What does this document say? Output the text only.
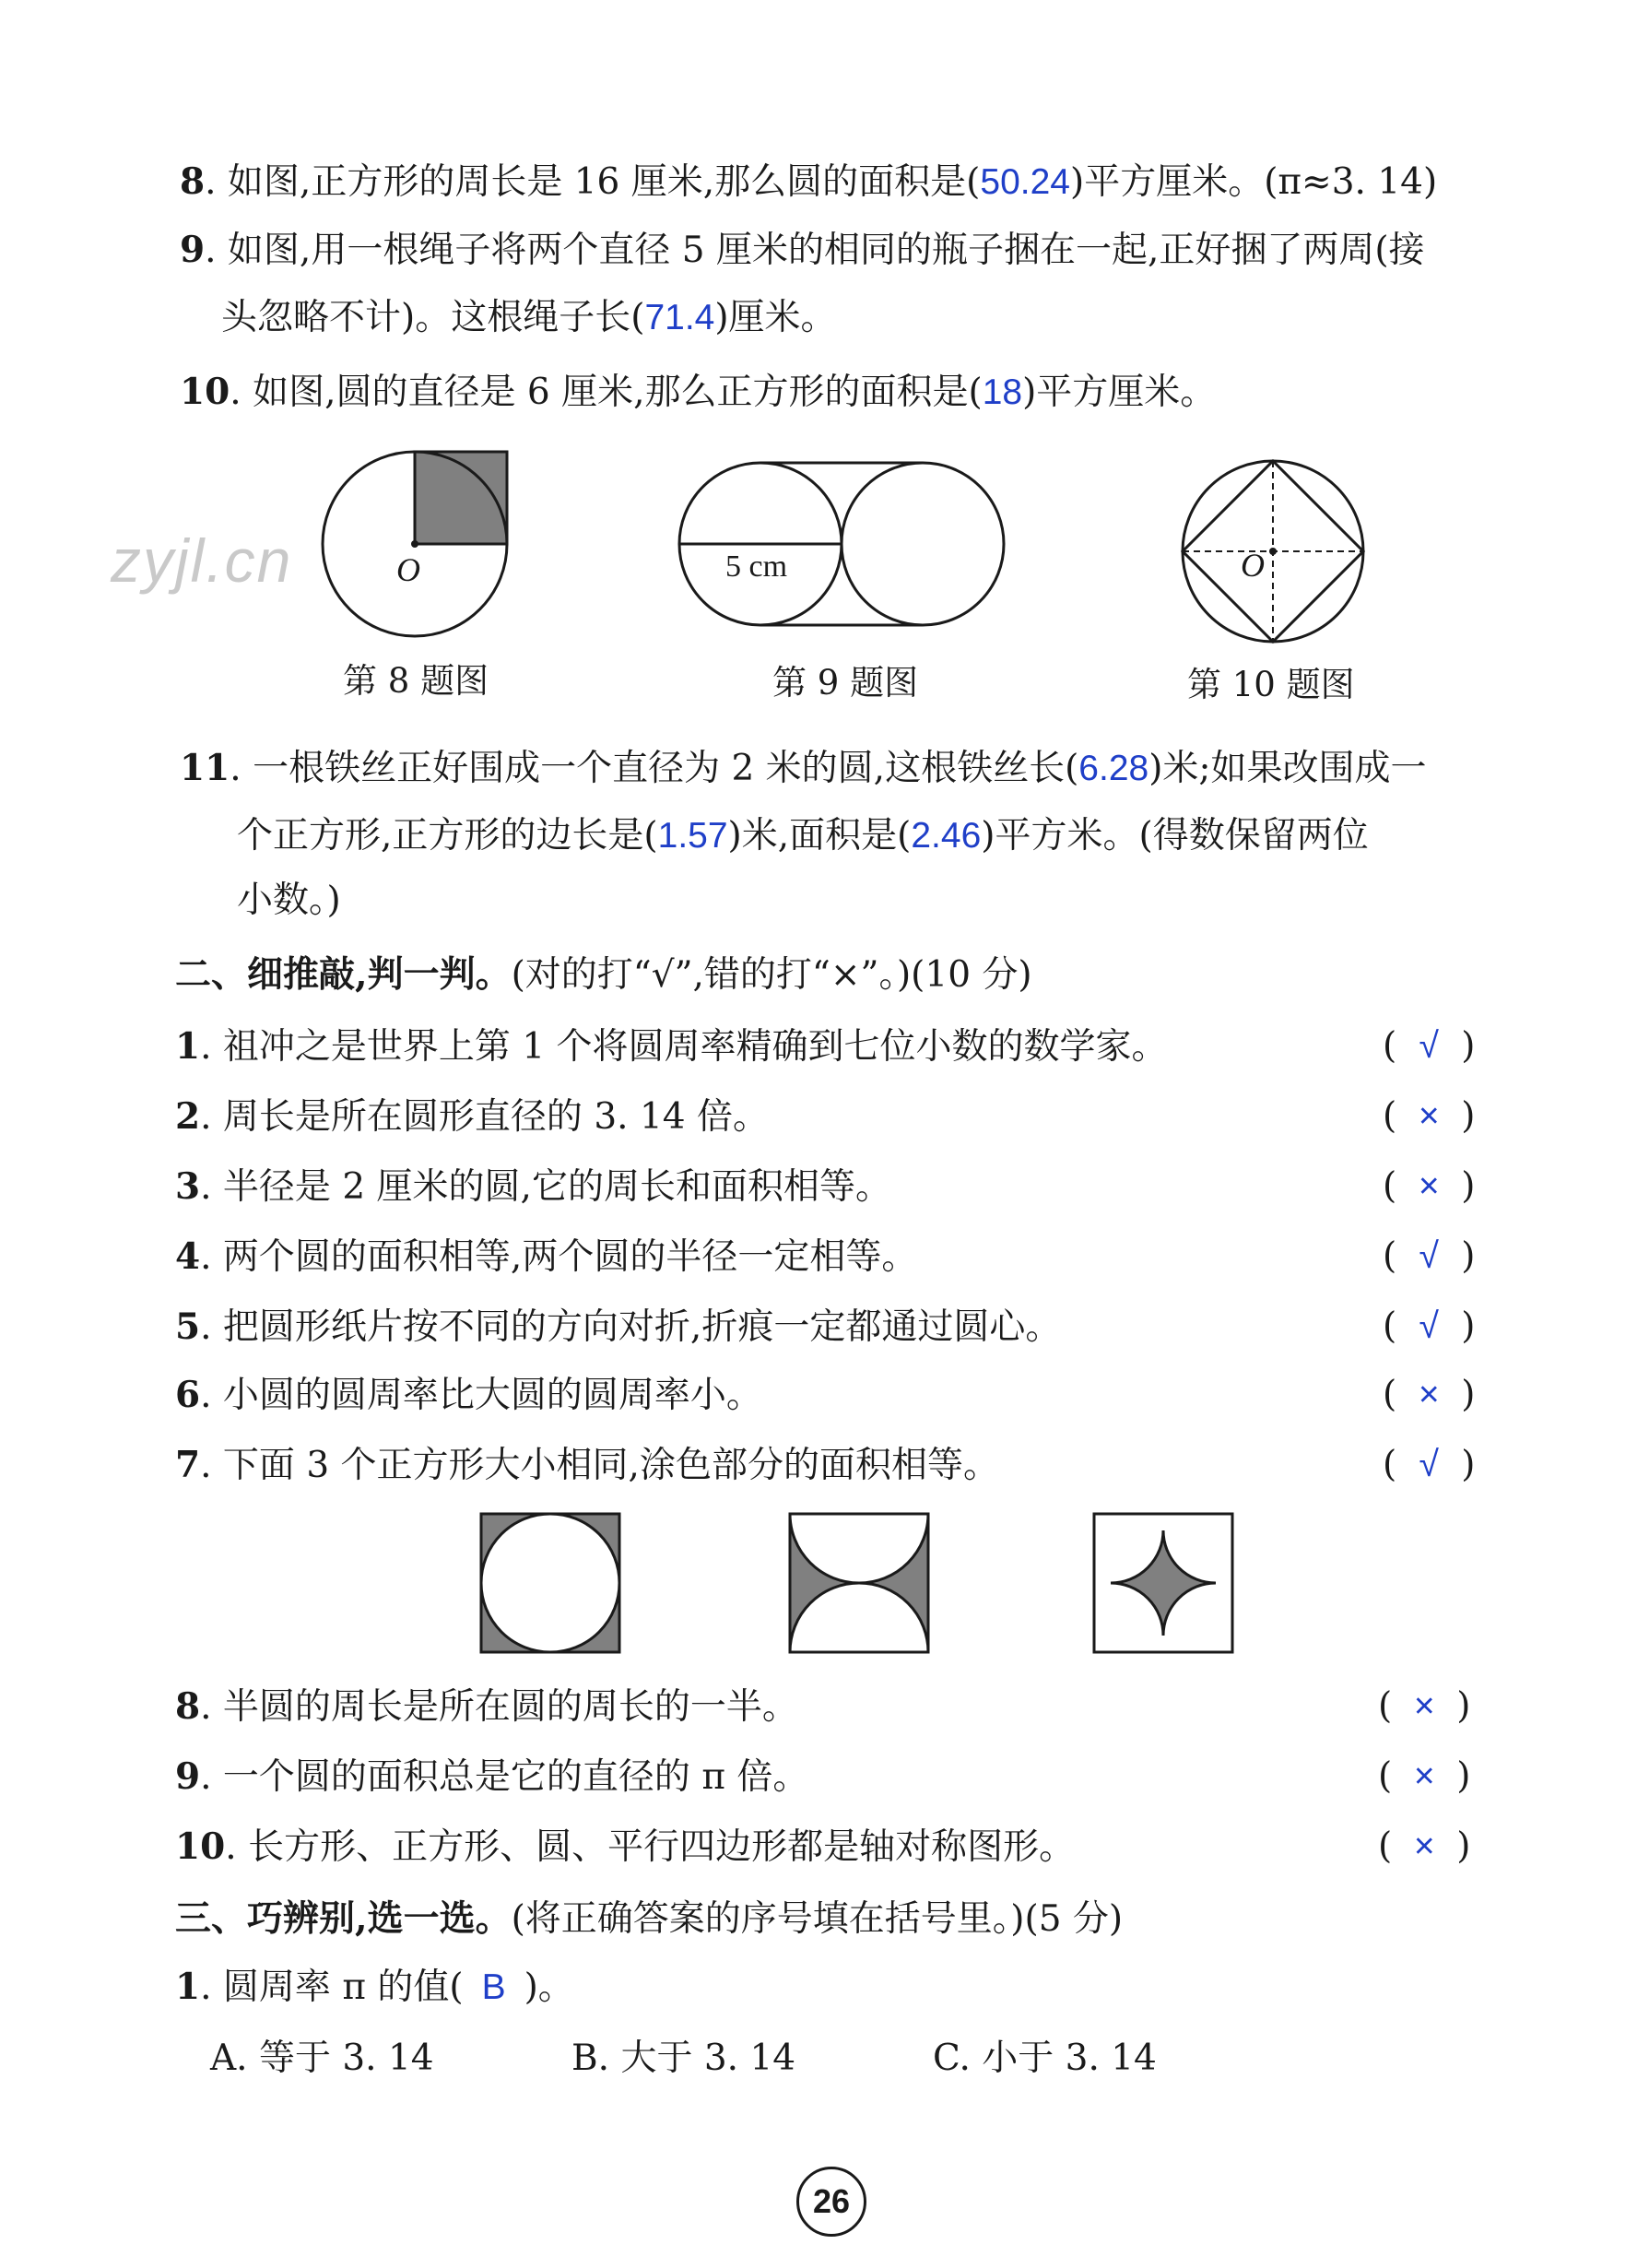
8. 如图,正方形的周长是 16 厘米,那么圆的面积是(50.24)平方厘米。(π≈3. 14)
9. 如图,用一根绳子将两个直径 5 厘米的相同的瓶子捆在一起,正好捆了两周(接
头忽略不计)。这根绳子长(71.4)厘米。
10. 如图,圆的直径是 6 厘米,那么正方形的面积是(18)平方厘米。
zyjl.cn	O
第 8 题图
5 cm
第 9 题图
O
第 10 题图
11. 一根铁丝正好围成一个直径为 2 米的圆,这根铁丝长(6.28)米;如果改围成一
个正方形,正方形的边长是(1.57)米,面积是(2.46)平方米。(得数保留两位
小数。)
二、细推敲,判一判。(对的打“√”,错的打“×”。)(10 分)
1. 祖冲之是世界上第 1 个将圆周率精确到七位小数的数学家。	( √ )
2. 周长是所在圆形直径的 3. 14 倍。	( × )
3. 半径是 2 厘米的圆,它的周长和面积相等。	( × )
4. 两个圆的面积相等,两个圆的半径一定相等。	( √ )
5. 把圆形纸片按不同的方向对折,折痕一定都通过圆心。	( √ )
6. 小圆的圆周率比大圆的圆周率小。	( × )
7. 下面 3 个正方形大小相同,涂色部分的面积相等。	( √ )
8. 半圆的周长是所在圆的周长的一半。	( × )
9. 一个圆的面积总是它的直径的 π 倍。	( × )
10. 长方形、正方形、圆、平行四边形都是轴对称图形。	( × )
三、巧辨别,选一选。(将正确答案的序号填在括号里。)(5 分)
1. 圆周率 π 的值( B )。
A. 等于 3. 14	B. 大于 3. 14	C. 小于 3. 14
26
